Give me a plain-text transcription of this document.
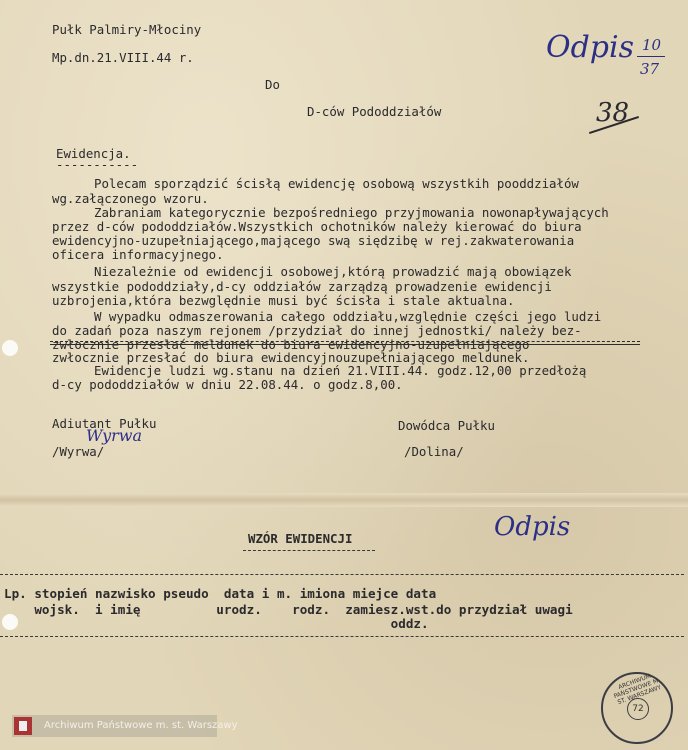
Pułk Palmiry-Młociny
Mp.dn.21.VIII.44 r.
Do
D-ców Pododdziałów
Odpis 10
37
38
Ewidencja.
-----------
Polecam sporządzić ścisłą ewidencję osobową wszystkih pooddziałów
wg.załączonego wzoru.
Zabraniam kategorycznie bezpośredniego przyjmowania nowonapływających
przez d-ców pododdziałów.Wszystkich ochotników należy kierować do biura
ewidencyjno-uzupełniającego,mającego swą siędzibę w rej.zakwaterowania
oficera informacyjnego.
Niezależnie od ewidencji osobowej,którą prowadzić mają obowiązek
wszystkie pododdziały,d-cy oddziałów zarządzą prowadzenie ewidencji
uzbrojenia,która bezwględnie musi być ścisła i stale aktualna.
W wypadku odmaszerowania całego oddziału,względnie części jego ludzi
do zadań poza naszym rejonem /przydział do innej jednostki/ należy bez-
zwłocznie przesłać meldunek do biura ewidencyjno-uzupełniającego
zwłocznie przesłać do biura ewidencyjnouzupełniającego meldunek.
Ewidencje ludzi wg.stanu na dzień 21.VIII.44. godz.12,00 przedłożą
d-cy pododdziałów w dniu 22.08.44. o godz.8,00.
Adiutant Pułku
Wyrwa
/Wyrwa/
Dowódca Pułku
/Dolina/
WZÓR EWIDENCJI	Odpis
Lp. stopień nazwisko pseudo  data i m. imiona miejce data
wojsk.  i imię          urodz.    rodz.  zamiesz.wst.do przydział uwagi
oddz.
ARCHIWUM PAŃSTWOWE M. ST. WARSZAWY
72
Archiwum Państwowe m. st. Warszawy
